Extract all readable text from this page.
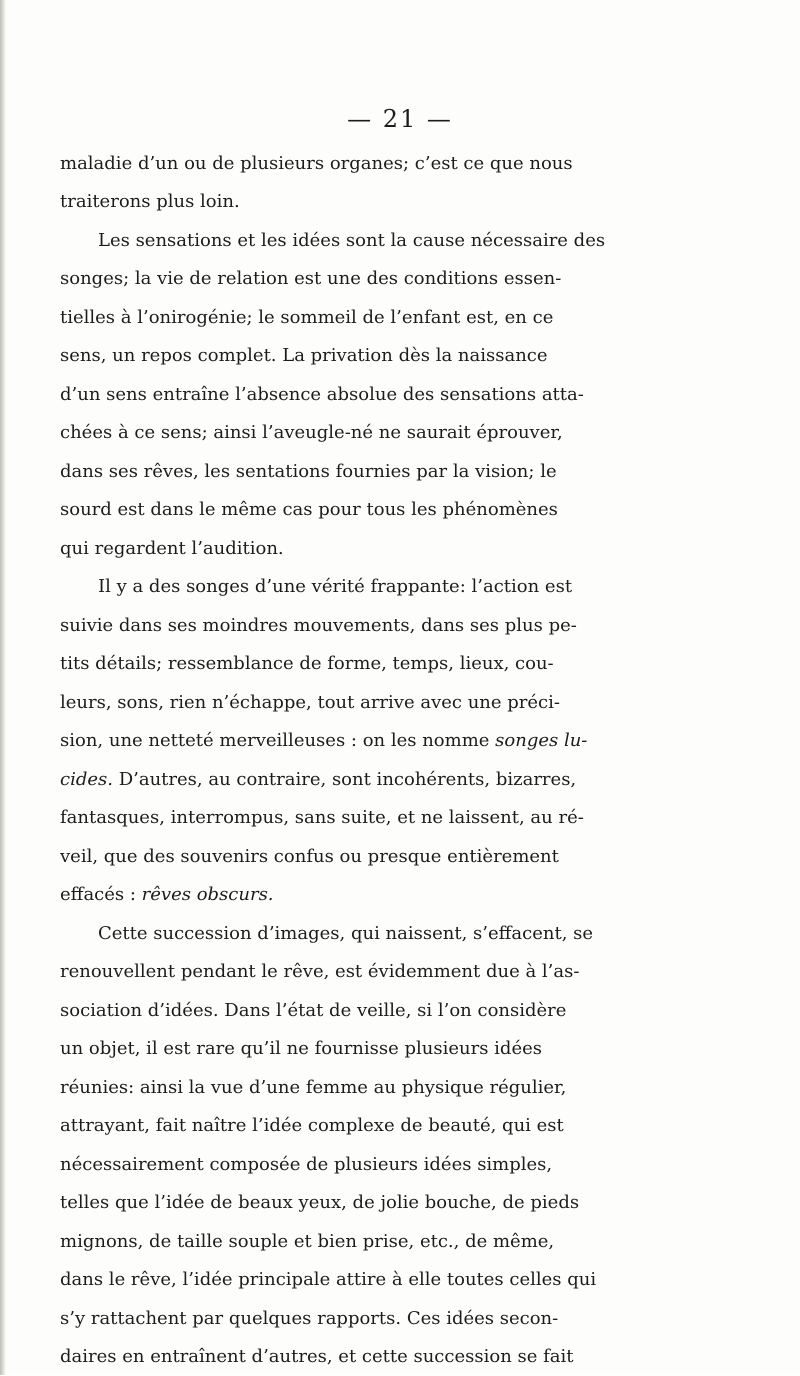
— 21 —
maladie d’un ou de plusieurs organes; c’est ce que nous
traiterons plus loin.
Les sensations et les idées sont la cause nécessaire des
songes; la vie de relation est une des conditions essen-
tielles à l’onirogénie; le sommeil de l’enfant est, en ce
sens, un repos complet. La privation dès la naissance
d’un sens entraîne l’absence absolue des sensations atta-
chées à ce sens; ainsi l’aveugle-né ne saurait éprouver,
dans ses rêves, les sentations fournies par la vision; le
sourd est dans le même cas pour tous les phénomènes
qui regardent l’audition.
Il y a des songes d’une vérité frappante: l’action est
suivie dans ses moindres mouvements, dans ses plus pe-
tits détails; ressemblance de forme, temps, lieux, cou-
leurs, sons, rien n’échappe, tout arrive avec une préci-
sion, une netteté merveilleuses : on les nomme songes lu-
cides. D’autres, au contraire, sont incohérents, bizarres,
fantasques, interrompus, sans suite, et ne laissent, au ré-
veil, que des souvenirs confus ou presque entièrement
effacés : rêves obscurs.
Cette succession d’images, qui naissent, s’effacent, se
renouvellent pendant le rêve, est évidemment due à l’as-
sociation d’idées. Dans l’état de veille, si l’on considère
un objet, il est rare qu’il ne fournisse plusieurs idées
réunies: ainsi la vue d’une femme au physique régulier,
attrayant, fait naître l’idée complexe de beauté, qui est
nécessairement composée de plusieurs idées simples,
telles que l’idée de beaux yeux, de jolie bouche, de pieds
mignons, de taille souple et bien prise, etc., de même,
dans le rêve, l’idée principale attire à elle toutes celles qui
s’y rattachent par quelques rapports. Ces idées secon-
daires en entraînent d’autres, et cette succession se fait
